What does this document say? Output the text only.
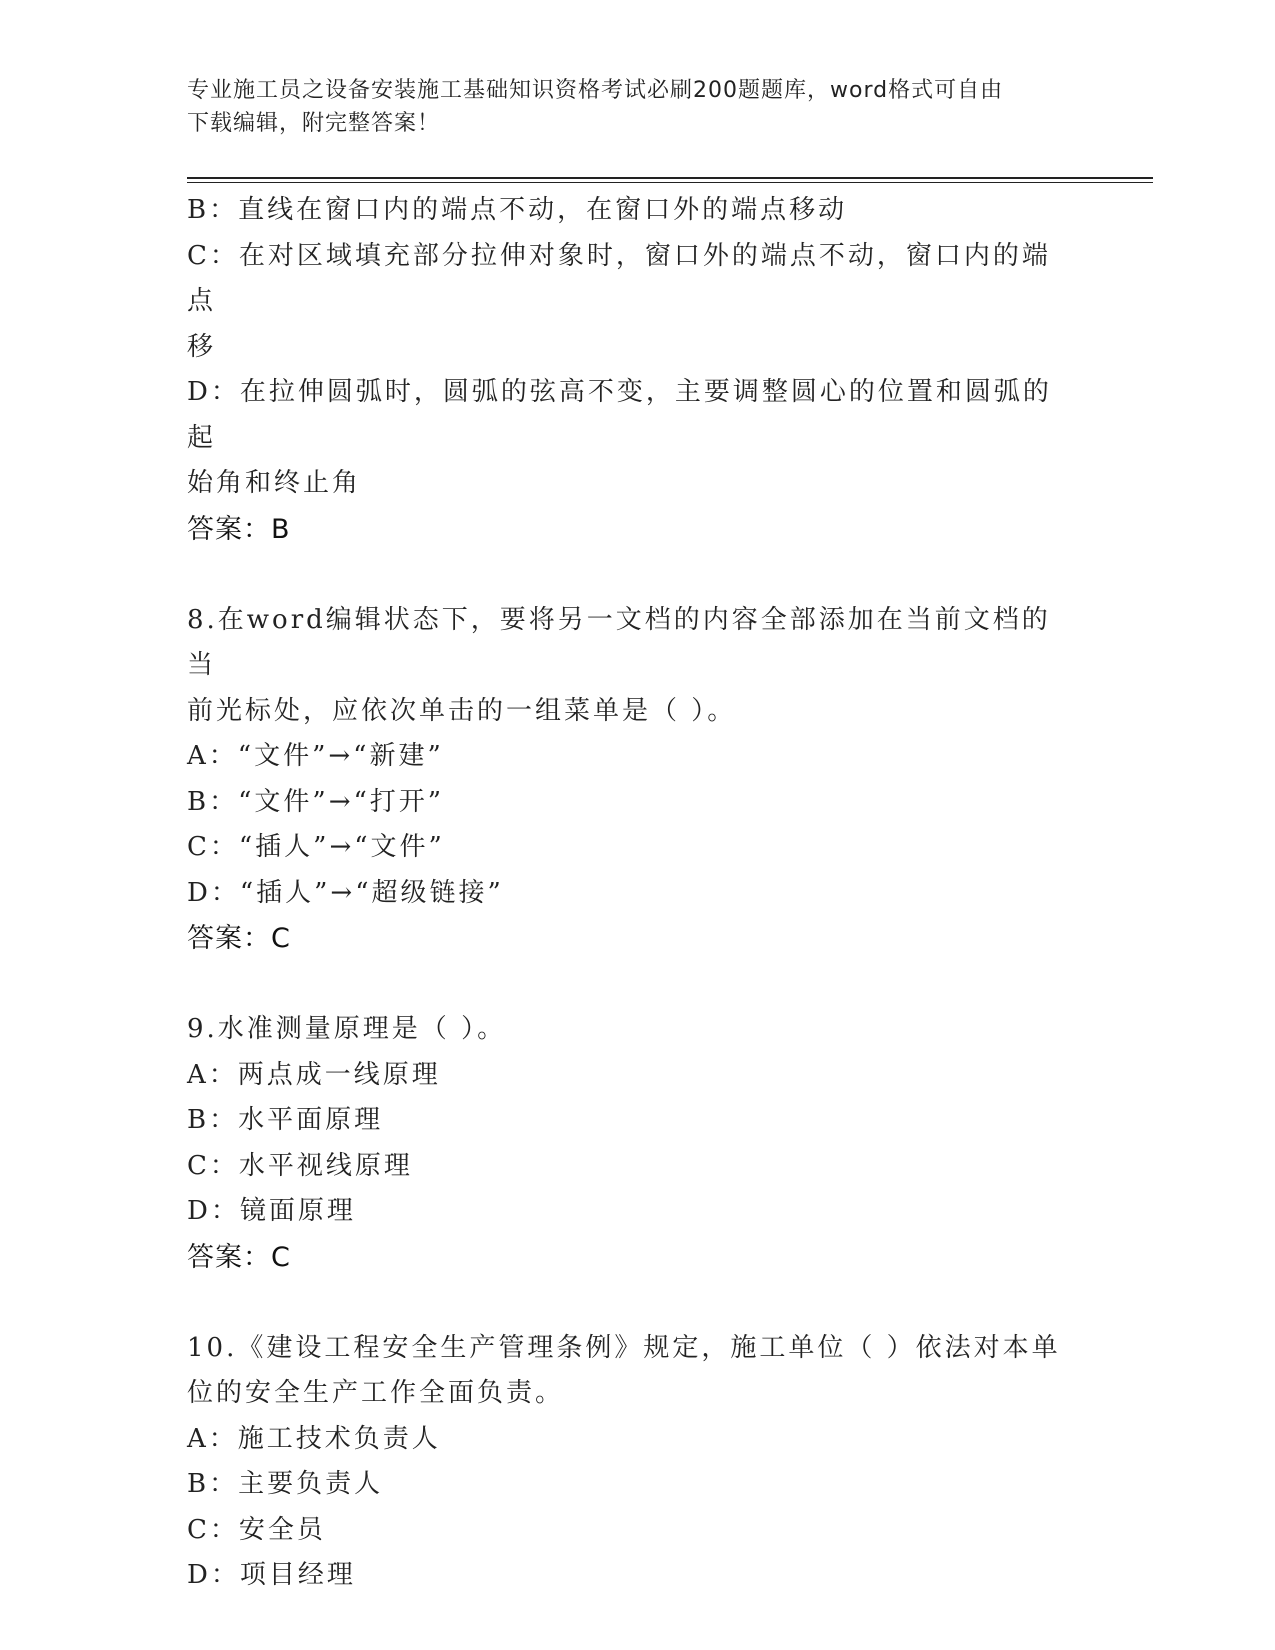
专业施工员之设备安装施工基础知识资格考试必刷200题题库，word格式可自由
下载编辑，附完整答案！

B：直线在窗口内的端点不动，在窗口外的端点移动

C：在对区域填充部分拉伸对象时，窗口外的端点不动，窗口内的端点

移

D：在拉伸圆弧时，圆弧的弦高不变，主要调整圆心的位置和圆弧的起

始角和终止角

答案：B

8.在word编辑状态下，要将另一文档的内容全部添加在当前文档的当

前光标处，应依次单击的一组菜单是（ ）。

A：“文件”→“新建”

B：“文件”→“打开”

C：“插人”→“文件”

D：“插人”→“超级链接”

答案：C

9.水准测量原理是（ ）。

A：两点成一线原理

B：水平面原理

C：水平视线原理

D：镜面原理

答案：C

10.《建设工程安全生产管理条例》规定，施工单位（ ）依法对本单

位的安全生产工作全面负责。

A：施工技术负责人

B：主要负责人

C：安全员

D：项目经理
